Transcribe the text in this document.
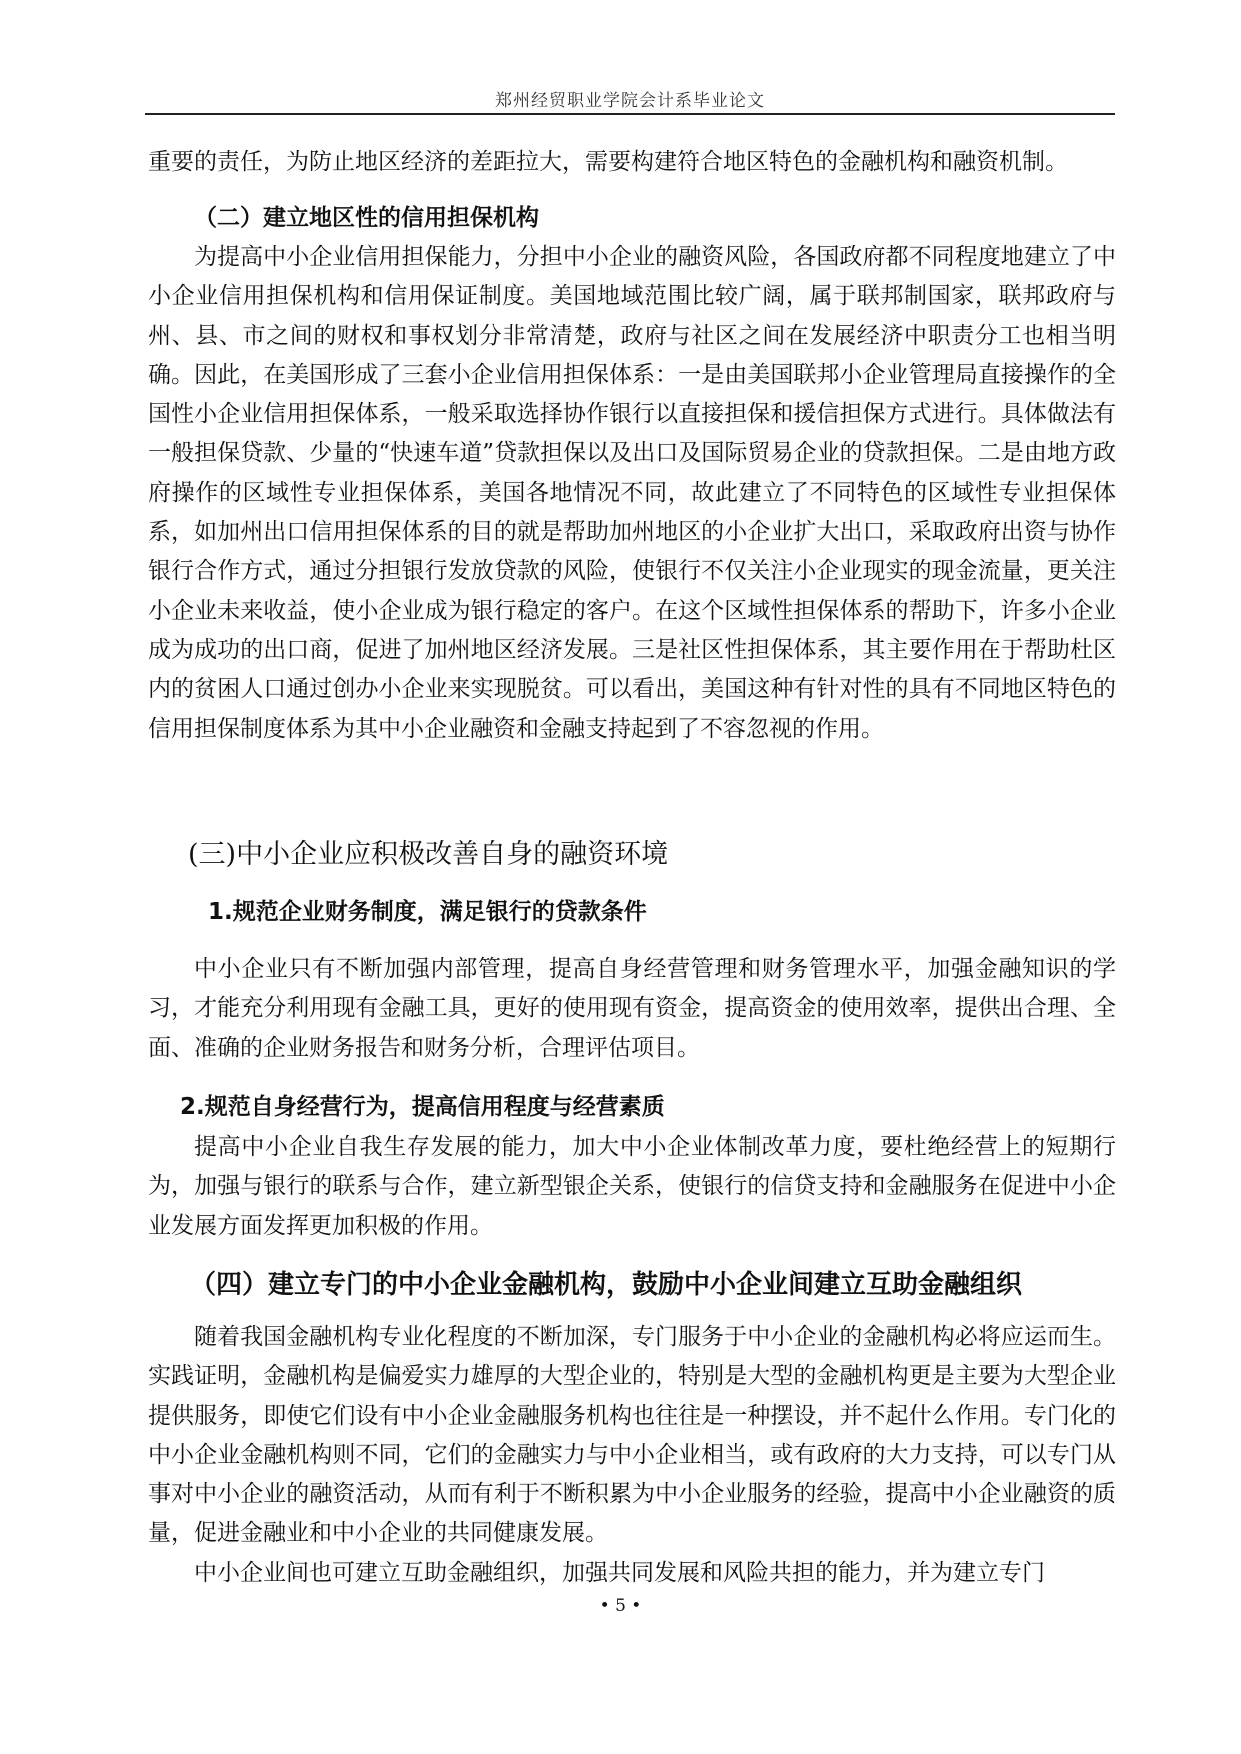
郑州经贸职业学院会计系毕业论文

重要的责任，为防止地区经济的差距拉大，需要构建符合地区特色的金融机构和融资机制。

（二）建立地区性的信用担保机构

为提高中小企业信用担保能力，分担中小企业的融资风险，各国政府都不同程度地建立了中小企业信用担保机构和信用保证制度。美国地域范围比较广阔，属于联邦制国家，联邦政府与州、县、市之间的财权和事权划分非常清楚，政府与社区之间在发展经济中职责分工也相当明确。因此，在美国形成了三套小企业信用担保体系：一是由美国联邦小企业管理局直接操作的全国性小企业信用担保体系，一般采取选择协作银行以直接担保和援信担保方式进行。具体做法有一般担保贷款、少量的“快速车道”贷款担保以及出口及国际贸易企业的贷款担保。二是由地方政府操作的区域性专业担保体系，美国各地情况不同，故此建立了不同特色的区域性专业担保体系，如加州出口信用担保体系的目的就是帮助加州地区的小企业扩大出口，采取政府出资与协作银行合作方式，通过分担银行发放贷款的风险，使银行不仅关注小企业现实的现金流量，更关注小企业未来收益，使小企业成为银行稳定的客户。在这个区域性担保体系的帮助下，许多小企业成为成功的出口商，促进了加州地区经济发展。三是社区性担保体系，其主要作用在于帮助杜区内的贫困人口通过创办小企业来实现脱贫。可以看出，美国这种有针对性的具有不同地区特色的信用担保制度体系为其中小企业融资和金融支持起到了不容忽视的作用。

(三)中小企业应积极改善自身的融资环境
1.规范企业财务制度，满足银行的贷款条件

中小企业只有不断加强内部管理，提高自身经营管理和财务管理水平，加强金融知识的学习，才能充分利用现有金融工具，更好的使用现有资金，提高资金的使用效率，提供出合理、全面、准确的企业财务报告和财务分析，合理评估项目。

2.规范自身经营行为，提高信用程度与经营素质

提高中小企业自我生存发展的能力，加大中小企业体制改革力度，要杜绝经营上的短期行为，加强与银行的联系与合作，建立新型银企关系，使银行的信贷支持和金融服务在促进中小企业发展方面发挥更加积极的作用。

（四）建立专门的中小企业金融机构，鼓励中小企业间建立互助金融组织

随着我国金融机构专业化程度的不断加深，专门服务于中小企业的金融机构必将应运而生。实践证明，金融机构是偏爱实力雄厚的大型企业的，特别是大型的金融机构更是主要为大型企业提供服务，即使它们设有中小企业金融服务机构也往往是一种摆设，并不起什么作用。专门化的中小企业金融机构则不同，它们的金融实力与中小企业相当，或有政府的大力支持，可以专门从事对中小企业的融资活动，从而有利于不断积累为中小企业服务的经验，提高中小企业融资的质量，促进金融业和中小企业的共同健康发展。

中小企业间也可建立互助金融组织，加强共同发展和风险共担的能力，并为建立专门

• 5 •
